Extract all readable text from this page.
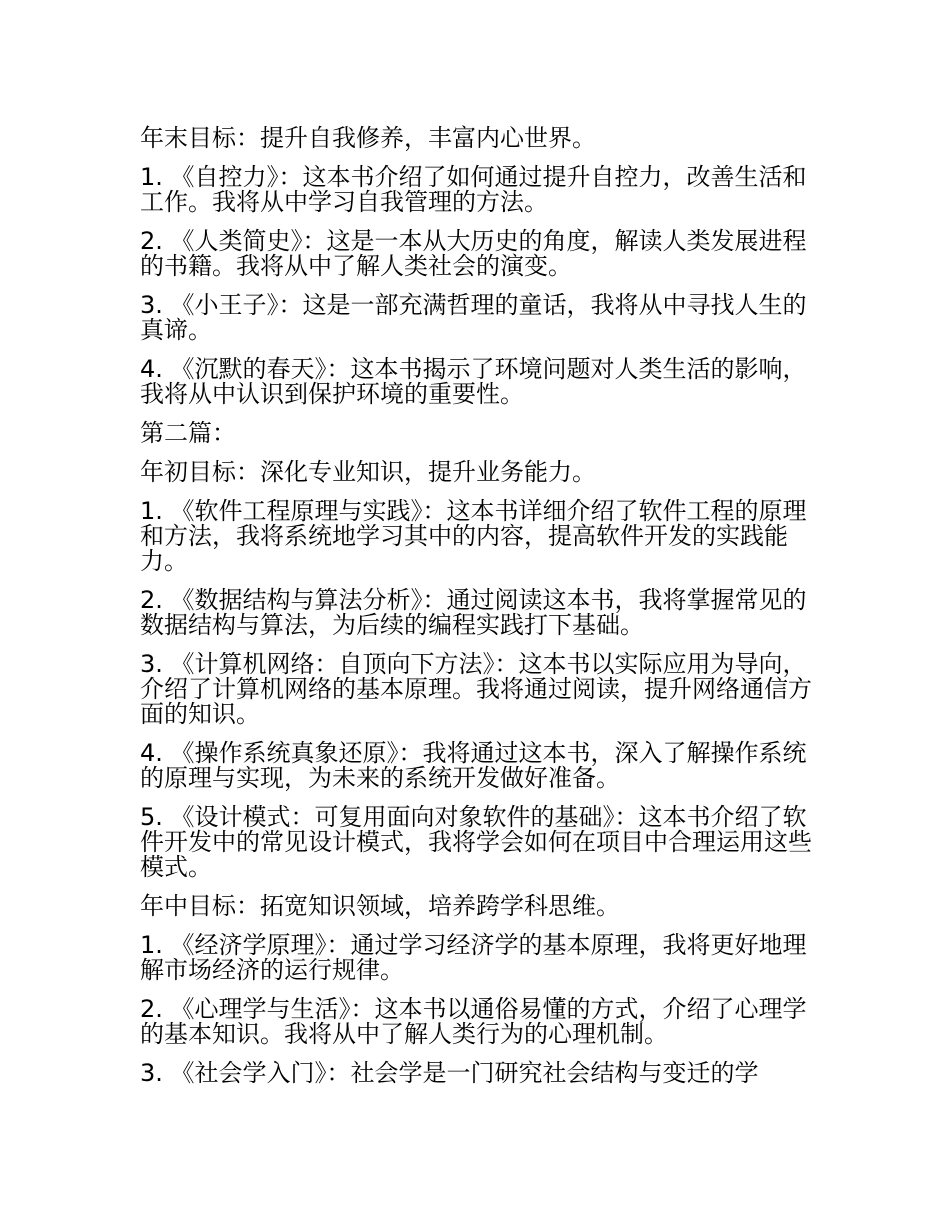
年末目标：提升自我修养，丰富内心世界。

1. 《自控力》：这本书介绍了如何通过提升自控力，改善生活和工作。我将从中学习自我管理的方法。

2. 《人类简史》：这是一本从大历史的角度，解读人类发展进程的书籍。我将从中了解人类社会的演变。

3. 《小王子》：这是一部充满哲理的童话，我将从中寻找人生的真谛。

4. 《沉默的春天》：这本书揭示了环境问题对人类生活的影响，我将从中认识到保护环境的重要性。

第二篇：

年初目标：深化专业知识，提升业务能力。

1. 《软件工程原理与实践》：这本书详细介绍了软件工程的原理和方法，我将系统地学习其中的内容，提高软件开发的实践能力。

2. 《数据结构与算法分析》：通过阅读这本书，我将掌握常见的数据结构与算法，为后续的编程实践打下基础。

3. 《计算机网络：自顶向下方法》：这本书以实际应用为导向，介绍了计算机网络的基本原理。我将通过阅读，提升网络通信方面的知识。

4. 《操作系统真象还原》：我将通过这本书，深入了解操作系统的原理与实现，为未来的系统开发做好准备。

5. 《设计模式：可复用面向对象软件的基础》：这本书介绍了软件开发中的常见设计模式，我将学会如何在项目中合理运用这些模式。

年中目标：拓宽知识领域，培养跨学科思维。

1. 《经济学原理》：通过学习经济学的基本原理，我将更好地理解市场经济的运行规律。

2. 《心理学与生活》：这本书以通俗易懂的方式，介绍了心理学的基本知识。我将从中了解人类行为的心理机制。

3. 《社会学入门》：社会学是一门研究社会结构与变迁的学
